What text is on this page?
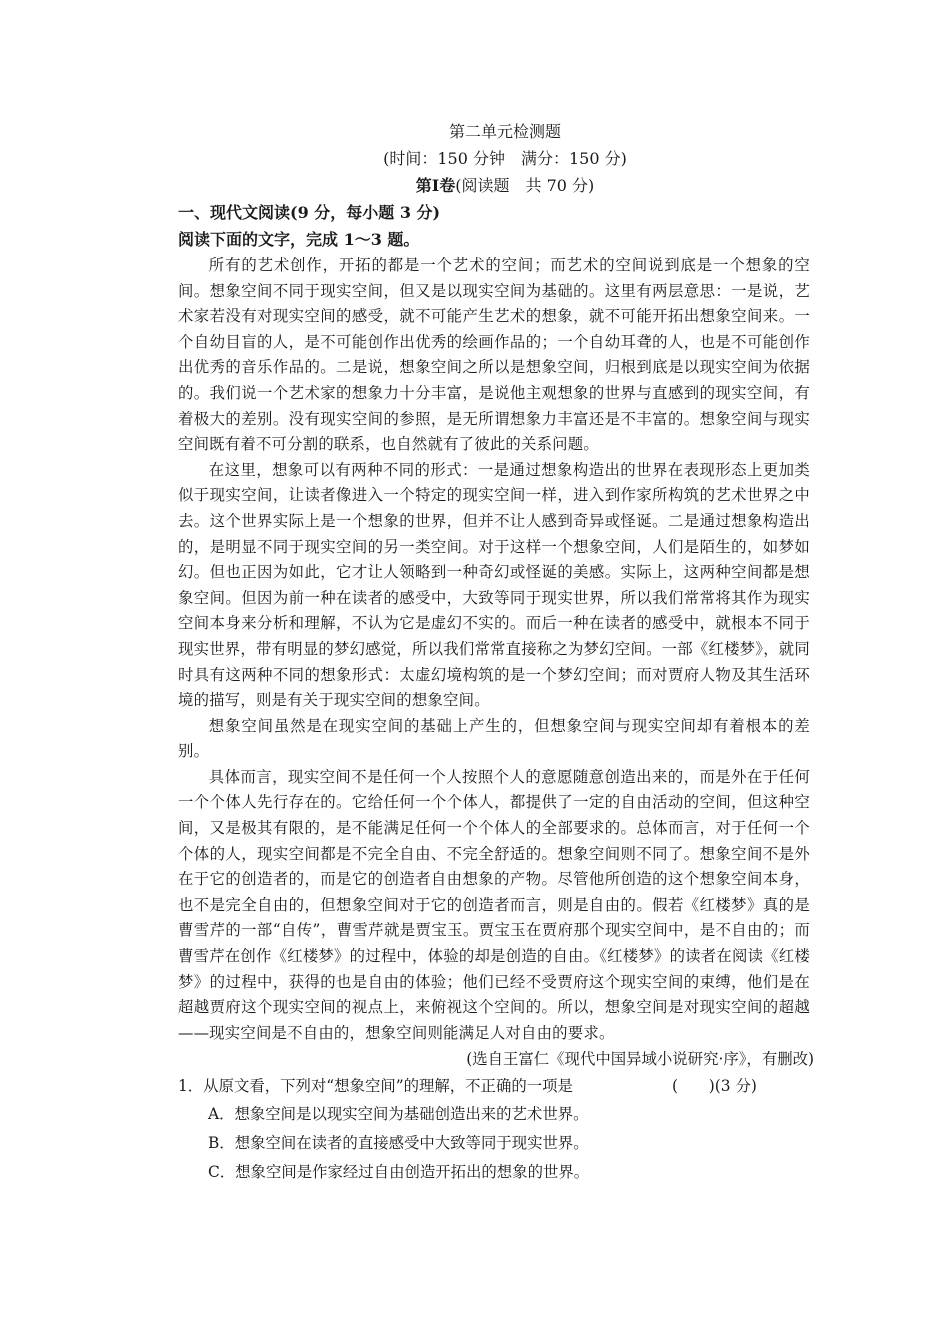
第二单元检测题
(时间：150 分钟　满分：150 分)
第Ⅰ卷(阅读题　共 70 分)
一、现代文阅读(9 分，每小题 3 分)
阅读下面的文字，完成 1～3 题。

所有的艺术创作，开拓的都是一个艺术的空间；而艺术的空间说到底是一个想象的空间。想象空间不同于现实空间，但又是以现实空间为基础的。这里有两层意思：一是说，艺术家若没有对现实空间的感受，就不可能产生艺术的想象，就不可能开拓出想象空间来。一个自幼目盲的人，是不可能创作出优秀的绘画作品的；一个自幼耳聋的人，也是不可能创作出优秀的音乐作品的。二是说，想象空间之所以是想象空间，归根到底是以现实空间为依据的。我们说一个艺术家的想象力十分丰富，是说他主观想象的世界与直感到的现实空间，有着极大的差别。没有现实空间的参照，是无所谓想象力丰富还是不丰富的。想象空间与现实空间既有着不可分割的联系，也自然就有了彼此的关系问题。

在这里，想象可以有两种不同的形式：一是通过想象构造出的世界在表现形态上更加类似于现实空间，让读者像进入一个特定的现实空间一样，进入到作家所构筑的艺术世界之中去。这个世界实际上是一个想象的世界，但并不让人感到奇异或怪诞。二是通过想象构造出的，是明显不同于现实空间的另一类空间。对于这样一个想象空间，人们是陌生的，如梦如幻。但也正因为如此，它才让人领略到一种奇幻或怪诞的美感。实际上，这两种空间都是想象空间。但因为前一种在读者的感受中，大致等同于现实世界，所以我们常常将其作为现实空间本身来分析和理解，不认为它是虚幻不实的。而后一种在读者的感受中，就根本不同于现实世界，带有明显的梦幻感觉，所以我们常常直接称之为梦幻空间。一部《红楼梦》，就同时具有这两种不同的想象形式：太虚幻境构筑的是一个梦幻空间；而对贾府人物及其生活环境的描写，则是有关于现实空间的想象空间。

想象空间虽然是在现实空间的基础上产生的，但想象空间与现实空间却有着根本的差别。

具体而言，现实空间不是任何一个人按照个人的意愿随意创造出来的，而是外在于任何一个个体人先行存在的。它给任何一个个体人，都提供了一定的自由活动的空间，但这种空间，又是极其有限的，是不能满足任何一个个体人的全部要求的。总体而言，对于任何一个个体的人，现实空间都是不完全自由、不完全舒适的。想象空间则不同了。想象空间不是外在于它的创造者的，而是它的创造者自由想象的产物。尽管他所创造的这个想象空间本身，也不是完全自由的，但想象空间对于它的创造者而言，则是自由的。假若《红楼梦》真的是曹雪芹的一部“自传”，曹雪芹就是贾宝玉。贾宝玉在贾府那个现实空间中，是不自由的；而曹雪芹在创作《红楼梦》的过程中，体验的却是创造的自由。《红楼梦》的读者在阅读《红楼梦》的过程中，获得的也是自由的体验；他们已经不受贾府这个现实空间的束缚，他们是在超越贾府这个现实空间的视点上，来俯视这个空间的。所以，想象空间是对现实空间的超越——现实空间是不自由的，想象空间则能满足人对自由的要求。

(选自王富仁《现代中国异域小说研究·序》，有删改)
1．从原文看，下列对“想象空间”的理解，不正确的一项是	(　　)(3 分)
A．想象空间是以现实空间为基础创造出来的艺术世界。
B．想象空间在读者的直接感受中大致等同于现实世界。
C．想象空间是作家经过自由创造开拓出的想象的世界。
